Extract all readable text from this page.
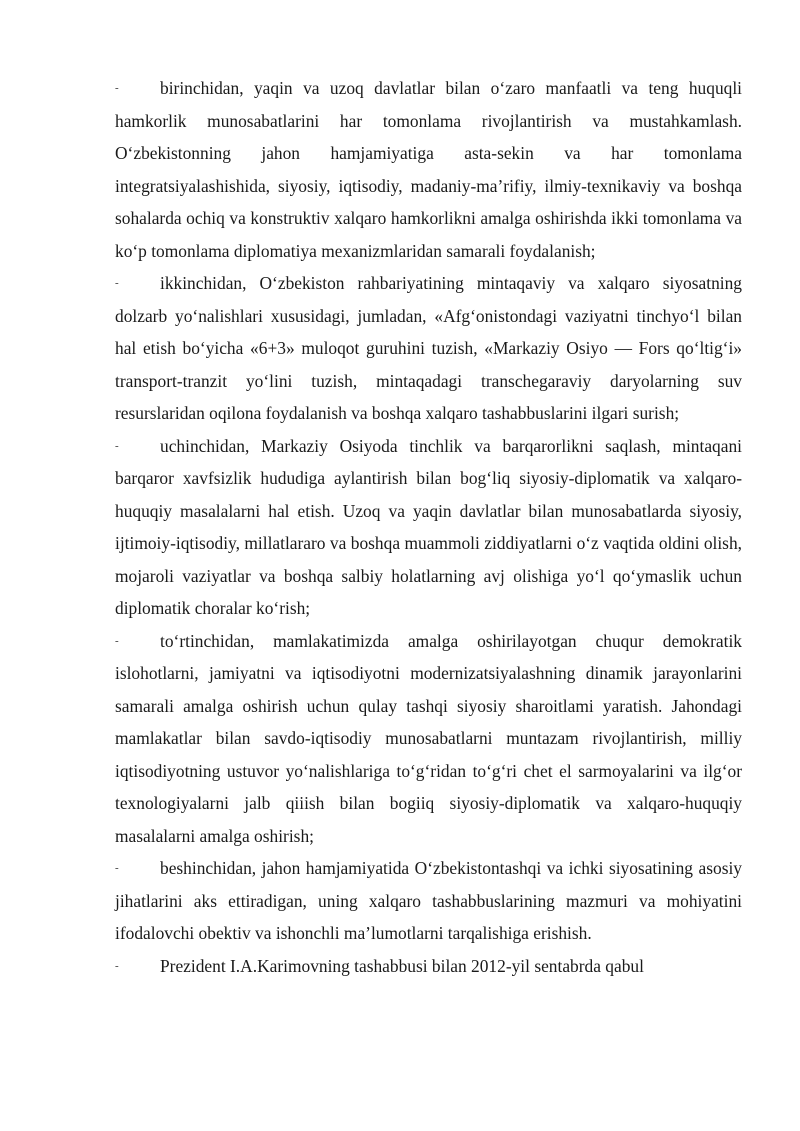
- birinchidan, yaqin va uzoq davlatlar bilan o‘zaro manfaatli va teng huquqli hamkorlik munosabatlarini har tomonlama rivojlantirish va mustahkamlash. O‘zbekistonning jahon hamjamiyatiga asta-sekin va har tomonlama integratsiyalashishida, siyosiy, iqtisodiy, madaniy-ma’rifiy, ilmiy-texnikaviy va boshqa sohalarda ochiq va konstruktiv xalqaro hamkorlikni amalga oshirishda ikki tomonlama va ko‘p tomonlama diplomatiya mexanizmlaridan samarali foydalanish;

- ikkinchidan, O‘zbekiston rahbariyatining mintaqaviy va xalqaro siyosatning dolzarb yo‘nalishlari xususidagi, jumladan, «Afg‘onistondagi vaziyatni tinchyo‘l bilan hal etish bo‘yicha «6+3» muloqot guruhini tuzish, «Markaziy Osiyo — Fors qo‘ltig‘i» transport-tranzit yo‘lini tuzish, mintaqadagi transchegaraviy daryolarning suv resurslaridan oqilona foydalanish va boshqa xalqaro tashabbuslarini ilgari surish;

- uchinchidan, Markaziy Osiyoda tinchlik va barqarorlikni saqlash, mintaqani barqaror xavfsizlik hududiga aylantirish bilan bog‘liq siyosiy-diplomatik va xalqaro-huquqiy masalalarni hal etish. Uzoq va yaqin davlatlar bilan munosabatlarda siyosiy, ijtimoiy-iqtisodiy, millatlararo va boshqa muammoli ziddiyatlarni o‘z vaqtida oldini olish, mojaroli vaziyatlar va boshqa salbiy holatlarning avj olishiga yo‘l qo‘ymaslik uchun diplomatik choralar ko‘rish;

- to‘rtinchidan, mamlakatimizda amalga oshirilayotgan chuqur demokratik islohotlarni, jamiyatni va iqtisodiyotni modernizatsiyalashning dinamik jarayonlarini samarali amalga oshirish uchun qulay tashqi siyosiy sharoitlami yaratish. Jahondagi mamlakatlar bilan savdo-iqtisodiy munosabatlarni muntazam rivojlantirish, milliy iqtisodiyotning ustuvor yo‘nalishlariga to‘g‘ridan to‘g‘ri chet el sarmoyalarini va ilg‘or texnologiyalarni jalb qiiish bilan bogiiq siyosiy-diplomatik va xalqaro-huquqiy masalalarni amalga oshirish;

- beshinchidan, jahon hamjamiyatida O‘zbekistontashqi va ichki siyosatining asosiy jihatlarini aks ettiradigan, uning xalqaro tashabbuslarining mazmuri va mohiyatini ifodalovchi obektiv va ishonchli ma’lumotlarni tarqalishiga erishish.

- Prezident I.A.Karimovning tashabbusi bilan 2012-yil sentabrda qabul
